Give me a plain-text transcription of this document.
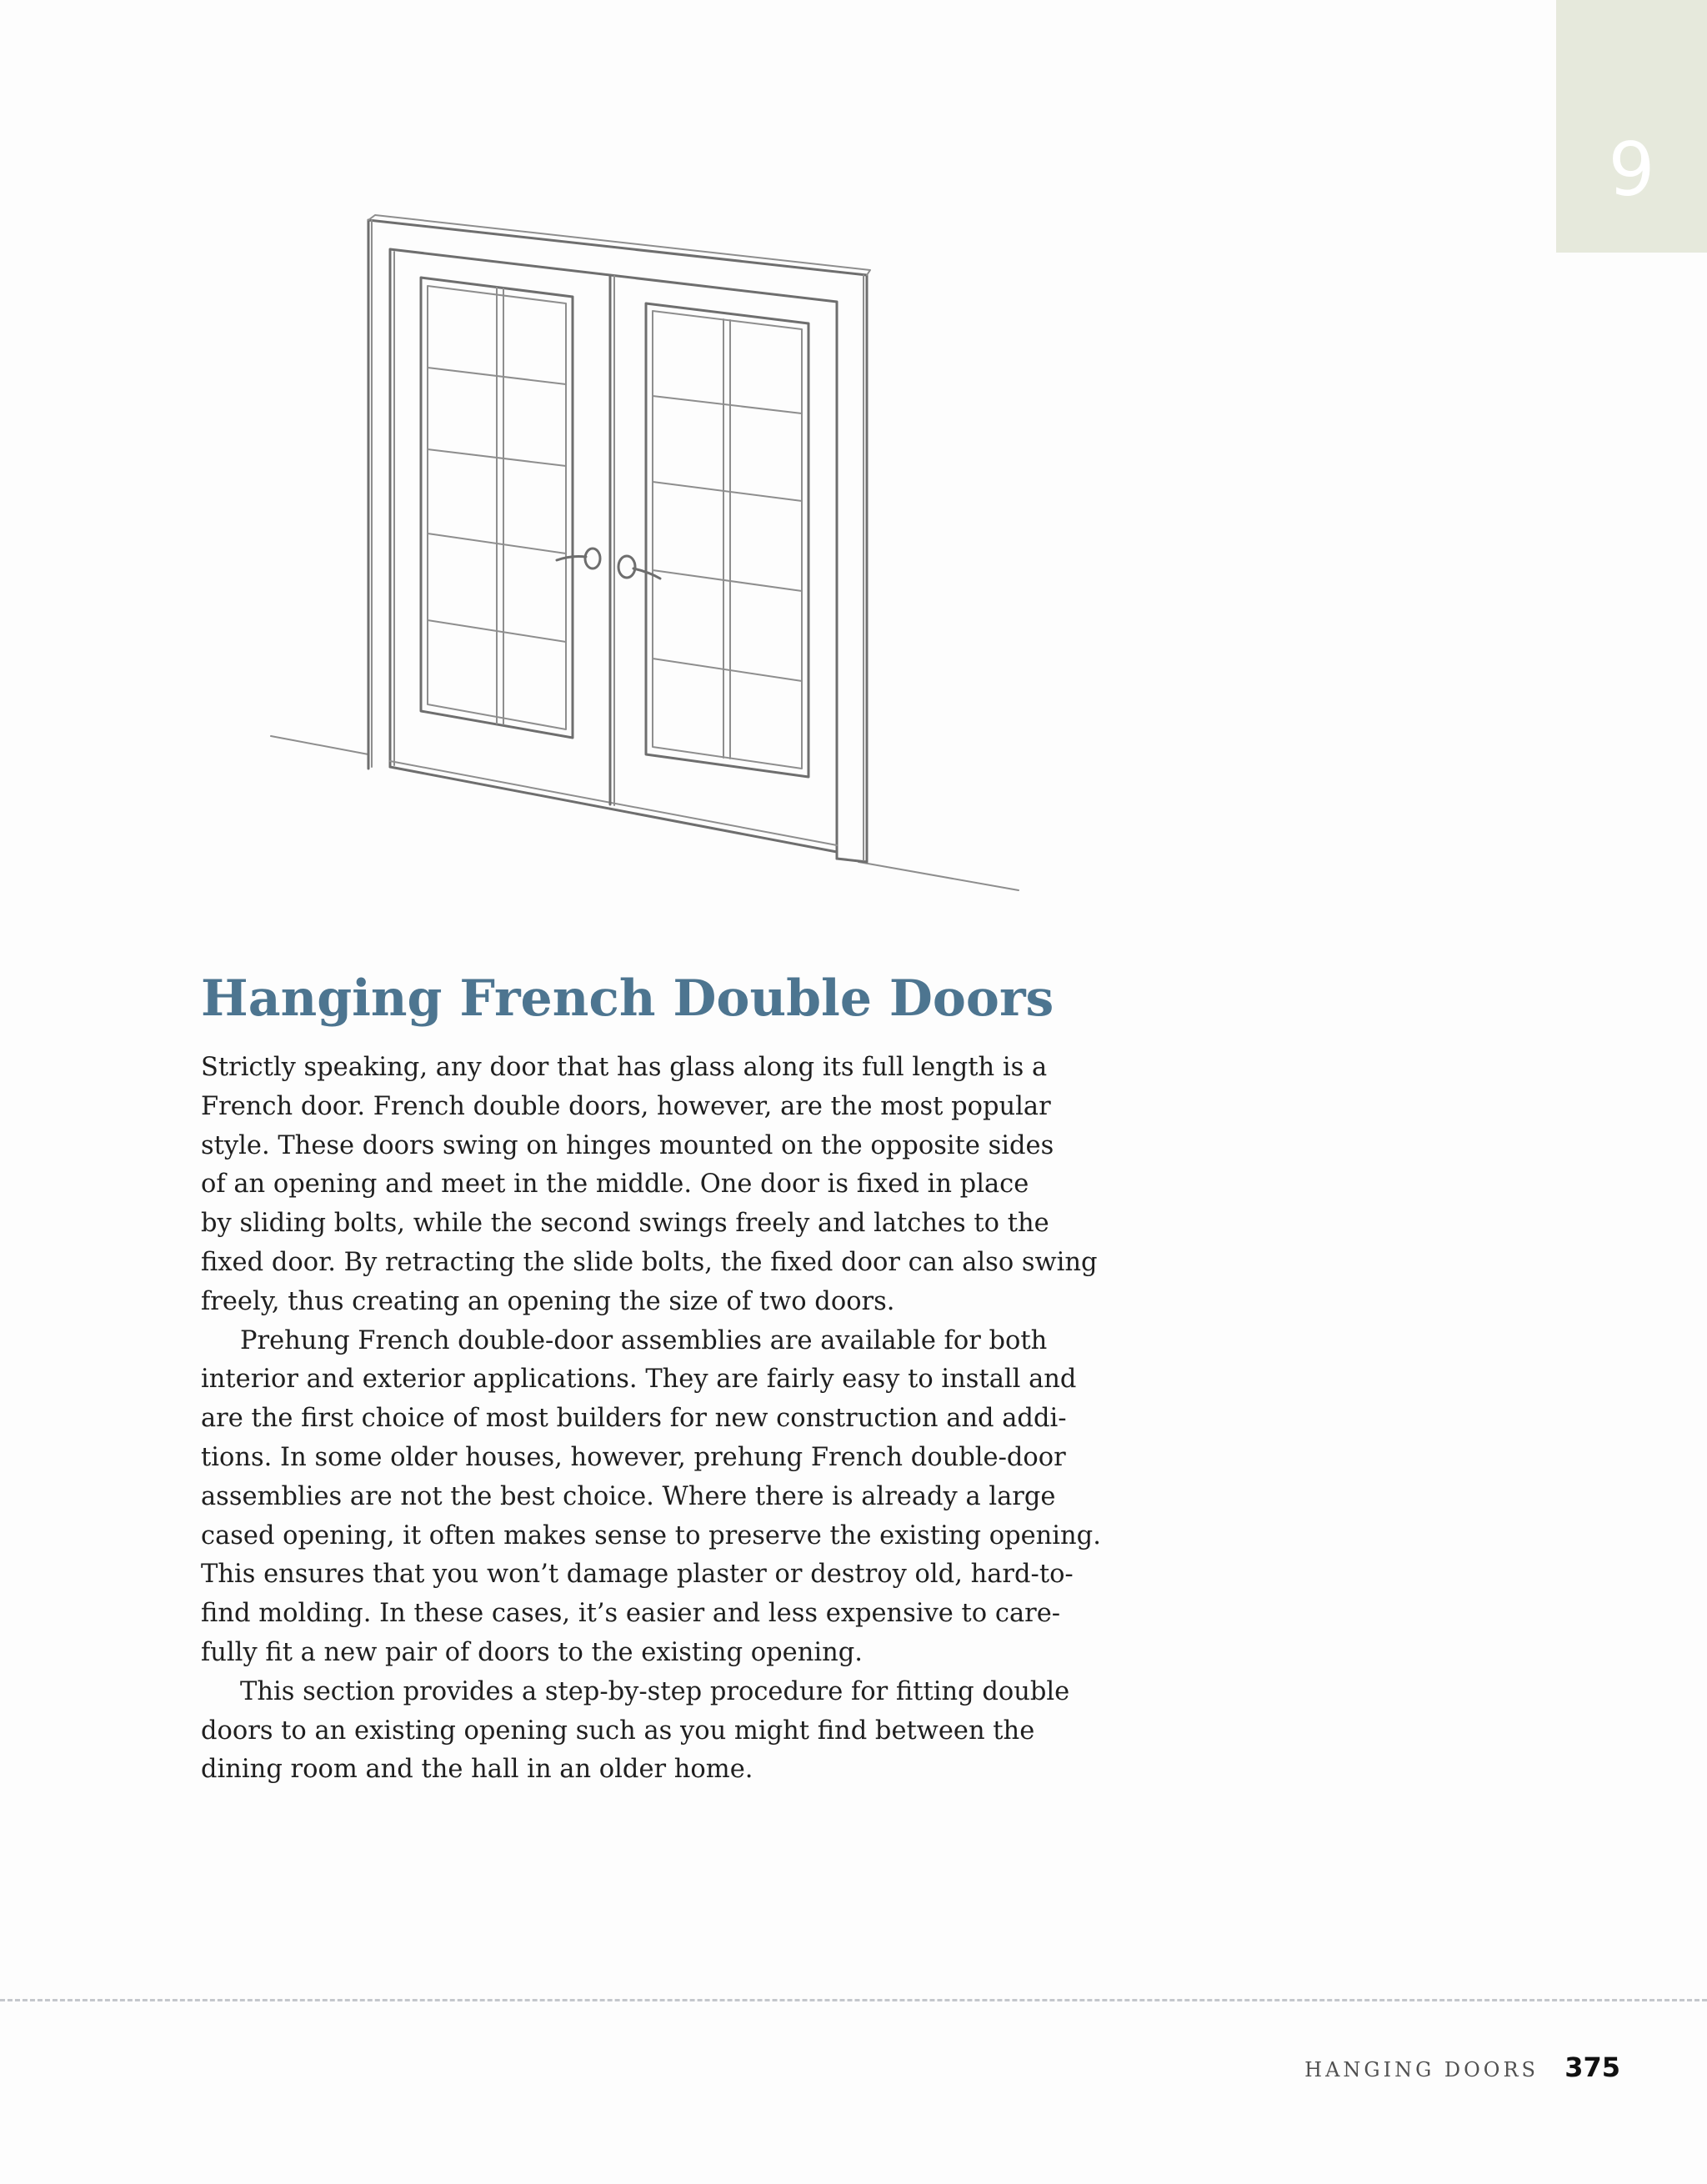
9
Hanging French Double Doors
Strictly speaking, any door that has glass along its full length is a
French door. French double doors, however, are the most popular
style. These doors swing on hinges mounted on the opposite sides
of an opening and meet in the middle. One door is fixed in place
by sliding bolts, while the second swings freely and latches to the
fixed door. By retracting the slide bolts, the fixed door can also swing
freely, thus creating an opening the size of two doors.
Prehung French double-door assemblies are available for both
interior and exterior applications. They are fairly easy to install and
are the first choice of most builders for new construction and addi-
tions. In some older houses, however, prehung French double-door
assemblies are not the best choice. Where there is already a large
cased opening, it often makes sense to preserve the existing opening.
This ensures that you won’t damage plaster or destroy old, hard-to-
find molding. In these cases, it’s easier and less expensive to care-
fully fit a new pair of doors to the existing opening.
This section provides a step-by-step procedure for fitting double
doors to an existing opening such as you might find between the
dining room and the hall in an older home.
HANGING DOORS 375
